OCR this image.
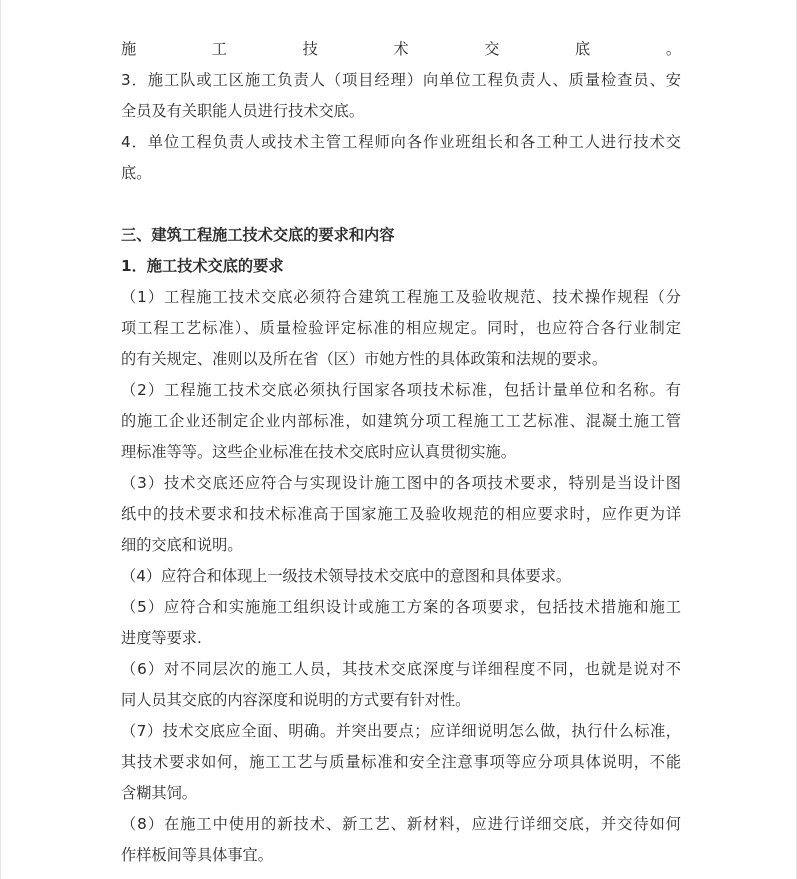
施工技术交底。
3．施工队或工区施工负责人（项目经理）向单位工程负责人、质量检查员、安
全员及有关职能人员进行技术交底。
4．单位工程负责人或技术主管工程师向各作业班组长和各工种工人进行技术交
底。
三、建筑工程施工技术交底的要求和内容
1．施工技术交底的要求
（1）工程施工技术交底必须符合建筑工程施工及验收规范、技术操作规程（分
项工程工艺标准）、质量检验评定标准的相应规定。同时，也应符合各行业制定
的有关规定、准则以及所在省（区）市她方性的具体政策和法规的要求。
（2）工程施工技术交底必须执行国家各项技术标准，包括计量单位和名称。有
的施工企业还制定企业内部标准，如建筑分项工程施工工艺标准、混凝土施工管
理标准等等。这些企业标准在技术交底时应认真贯彻实施。
（3）技术交底还应符合与实现设计施工图中的各项技术要求，特别是当设计图
纸中的技术要求和技术标准高于国家施工及验收规范的相应要求时，应作更为详
细的交底和说明。
（4）应符合和体现上一级技术领导技术交底中的意图和具体要求。
（5）应符合和实施施工组织设计或施工方案的各项要求，包括技术措施和施工
进度等要求.
（6）对不同层次的施工人员，其技术交底深度与详细程度不同，也就是说对不
同人员其交底的内容深度和说明的方式要有针对性。
（7）技术交底应全面、明确。并突出要点；应详细说明怎么做，执行什么标准，
其技术要求如何，施工工艺与质量标准和安全注意事项等应分项具体说明，不能
含糊其饲。
（8）在施工中使用的新技术、新工艺、新材料，应进行详细交底，并交待如何
作样板间等具体事宜。
